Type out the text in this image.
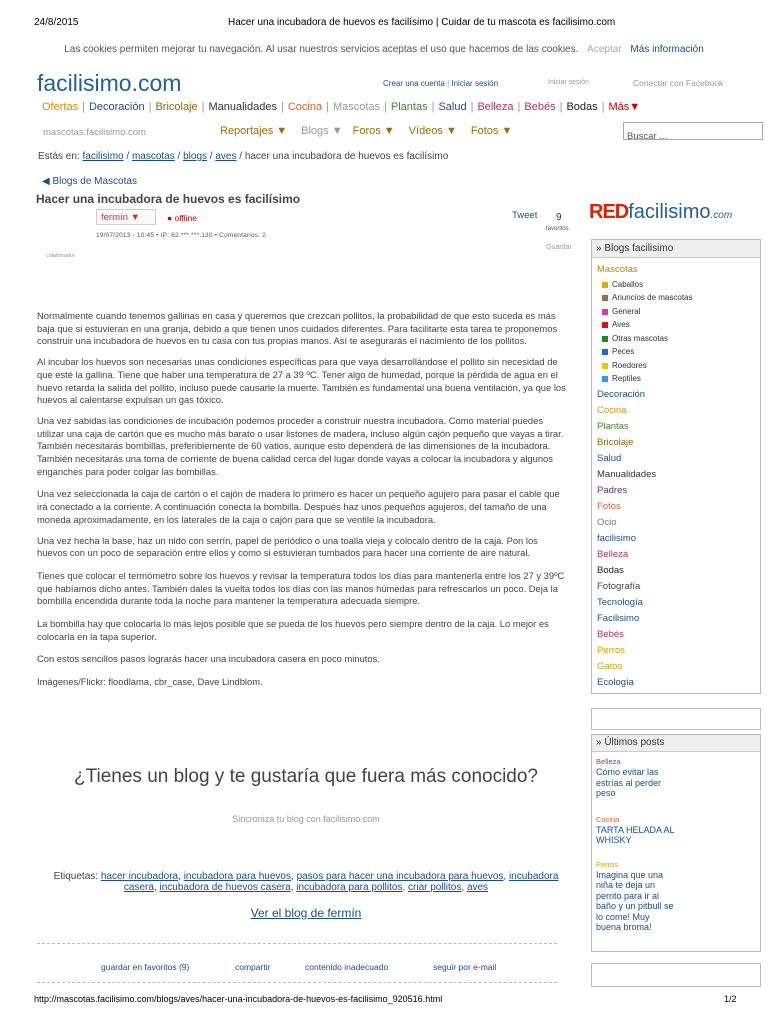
24/8/2015	Hacer una incubadora de huevos es facilísimo | Cuidar de tu mascota es facilisimo.com
Las cookies permiten mejorar tu navegación. Al usar nuestros servicios aceptas el uso que hacemos de las cookies. Aceptar Más información
facilisimo.com	Crear una cuenta | Iniciar sesión	Iniciar sesión	Conectar con Facebook
Ofertas | Decoración | Bricolaje | Manualidades | Cocina | Mascotas | Plantas | Salud | Belleza | Bebés | Bodas | Más▼
mascotas.facilisimo.com	Reportajes ▼ Blogs ▼ Foros ▼ Vídeos ▼ Fotos ▼	Buscar ...
Estás en: facilisimo / mascotas / blogs / aves / hacer una incubadora de huevos es facilísimo
◀ Blogs de Mascotas
Hacer una incubadora de huevos es facilísimo
fermín ▼	● offline
19/07/2013 - 10:45 • IP: 62.***.***.130 • Comentarios: 2
colaborador
Tweet 9
favoritos
Guardar

Normalmente cuando tenemos gallinas en casa y queremos que crezcan pollitos, la probabilidad de que esto suceda es más baja que si estuvieran en una granja, debido a que tienen unos cuidados diferentes. Para facilitarte esta tarea te proponemos construir una incubadora de huevos en tu casa con tus propias manos. Así te asegurarás el nacimiento de los pollitos.

Al incubar los huevos son necesarias unas condiciones específicas para que vaya desarrollándose el pollito sin necesidad de que esté la gallina. Tiene que haber una temperatura de 27 a 39 ºC. Tener algo de humedad, porque la pérdida de agua en el huevo retarda la salida del pollito, incluso puede causarle la muerte. También es fundamental una buena ventilación, ya que los huevos al calentarse expulsan un gas tóxico.

Una vez sabidas las condiciones de incubación podemos proceder a construir nuestra incubadora. Como material puedes utilizar una caja de cartón que es mucho más barato o usar listones de madera, incluso algún cajón pequeño que vayas a tirar. También necesitarás bombillas, preferiblemente de 60 vatios, aunque esto dependerá de las dimensiones de la incubadora. También necesitarás una toma de corriente de buena calidad cerca del lugar donde vayas a colocar la incubadora y algunos enganches para poder colgar las bombillas.

Una vez seleccionada la caja de cartón o el cajón de madera lo primero es hacer un pequeño agujero para pasar el cable que irá conectado a la corriente. A continuación conecta la bombilla. Después haz unos pequeños agujeros, del tamaño de una moneda aproximadamente, en los laterales de la caja o cajón para que se ventile la incubadora.

Una vez hecha la base, haz un nido con serrín, papel de periódico o una toalla vieja y colocalo dentro de la caja. Pon los huevos con un poco de separación entre ellos y como si estuvieran tumbados para hacer una corriente de aire natural.

Tienes que colocar el termómetro sobre los huevos y revisar la temperatura todos los días para mantenerla entre los 27 y 39ºC que habíamos dicho antes. También dales la vuelta todos los días con las manos húmedas para refrescarlos un poco. Deja la bombilla encendida durante toda la noche para mantener la temperatura adecuada siempre.

La bombilla hay que colocarla lo más lejos posible que se pueda de los huevos pero siempre dentro de la caja. Lo mejor es colocarla en la tapa superior.

Con estos sencillos pasos lograrás hacer una incubadora casera en poco minutos.

Imágenes/Flickr: floodlama, cbr_case, Dave Lindblom.

¿Tienes un blog y te gustaría que fuera más conocido?
Sincroniza tu blog con facilisimo.com
Etiquetas: hacer incubadora, incubadora para huevos, pasos para hacer una incubadora para huevos, incubadora casera, incubadora de huevos casera, incubadora para pollitos, criar pollitos, aves
Ver el blog de fermín
guardar en favoritos (9)	compartir	contenido inadecuado	seguir por e-mail
REDfacilisimo.com
» Blogs facilisimo
Mascotas
Caballos
Anuncios de mascotas
General
Aves
Otras mascotas
Peces
Roedores
Reptiles
Decoración
Cocina
Plantas
Bricolaje
Salud
Manualidades
Padres
Fotos
Ocio
facilisimo
Belleza
Bodas
Fotografía
Tecnología
Facilisimo
Bebés
Perros
Gatos
Ecología
» Últimos posts
Belleza
Cómo evitar las estrías al perder peso
Cocina
TARTA HELADA AL WHISKY
Perros
Imagina que una niña te deja un perrito para ir al baño y un pitbull se lo come! Muy buena broma!
http://mascotas.facilisimo.com/blogs/aves/hacer-una-incubadora-de-huevos-es-facilisimo_920516.html	1/2
